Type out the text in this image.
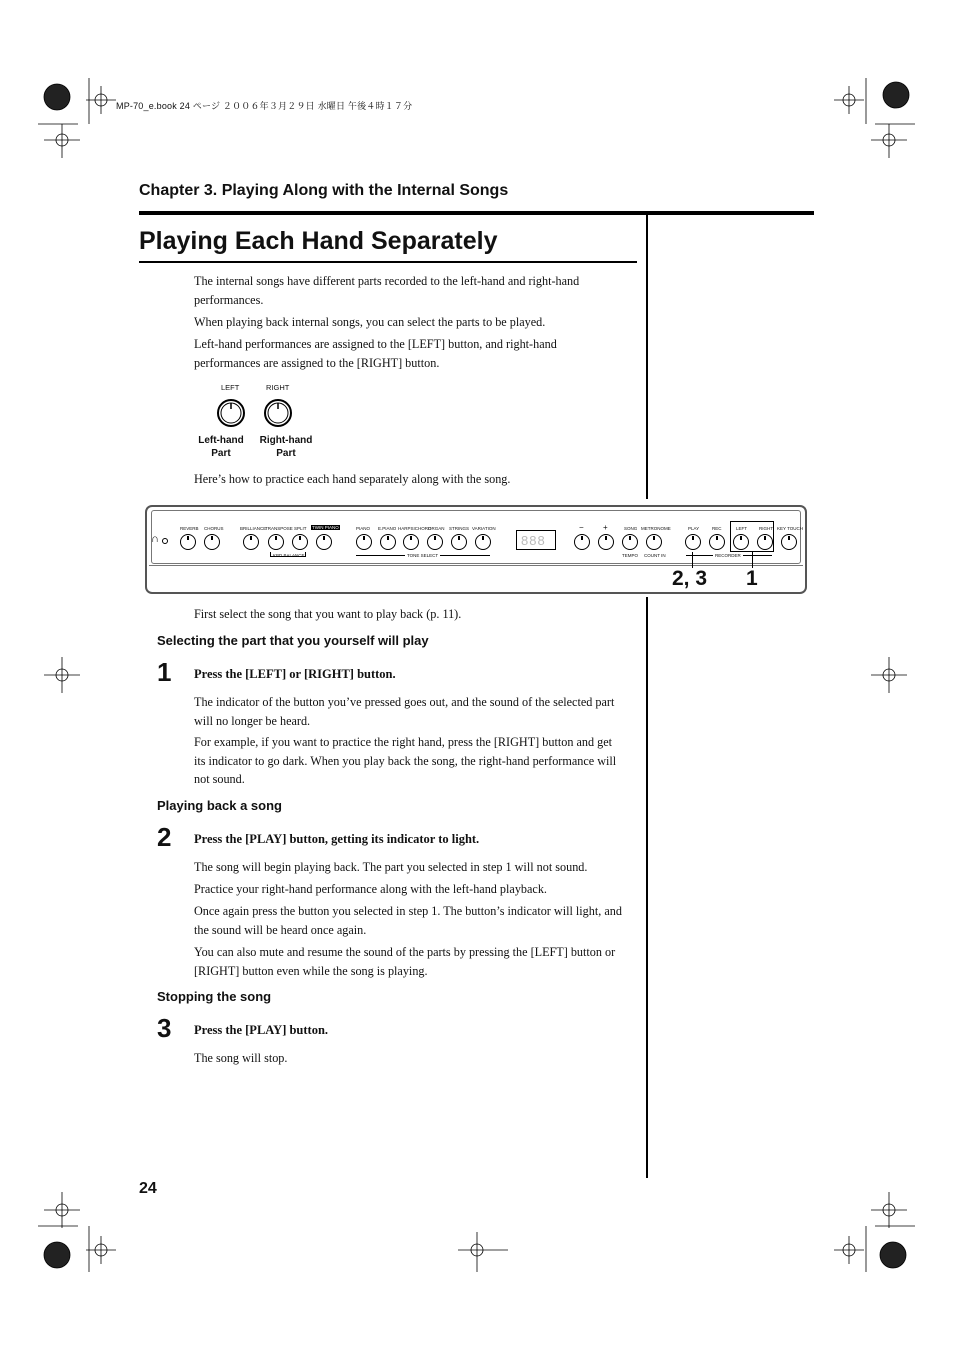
MP-70_e.book 24 ページ ２００６年３月２９日 水曜日 午後４時１７分
Chapter 3. Playing Along with the Internal Songs
Playing Each Hand Separately
The internal songs have different parts recorded to the left-hand and right-hand performances.
When playing back internal songs, you can select the parts to be played.
Left-hand performances are assigned to the [LEFT] button, and right-hand performances are assigned to the [RIGHT] button.
LEFT	RIGHT
Left-hand
Part
Right-hand
Part
Here’s how to practice each hand separately along with the song.
∩
REVERB CHORUS	BRILLIANCE
TRANSPOSE SPLIT TWIN PIANO	PIANO E.PIANO HARPSICHORD
ORGAN STRINGS VARIATION	− +	SONG METRONOME	PLAY	REC	LEFT	RIGHT KEY TOUCH
888
KBD BALANCE	TONE SELECT	TEMPO COUNT IN	RECORDER
2, 3 1
First select the song that you want to play back (p. 11).
Selecting the part that you yourself will play
1 Press the [LEFT] or [RIGHT] button.
The indicator of the button you’ve pressed goes out, and the sound of the selected part will no longer be heard.
For example, if you want to practice the right hand, press the [RIGHT] button and get its indicator to go dark. When you play back the song, the right-hand performance will not sound.
Playing back a song
2 Press the [PLAY] button, getting its indicator to light.
The song will begin playing back. The part you selected in step 1 will not sound.
Practice your right-hand performance along with the left-hand playback.
Once again press the button you selected in step 1. The button’s indicator will light, and the sound will be heard once again.
You can also mute and resume the sound of the parts by pressing the [LEFT] button or [RIGHT] button even while the song is playing.
Stopping the song
3 Press the [PLAY] button.
The song will stop.
24
